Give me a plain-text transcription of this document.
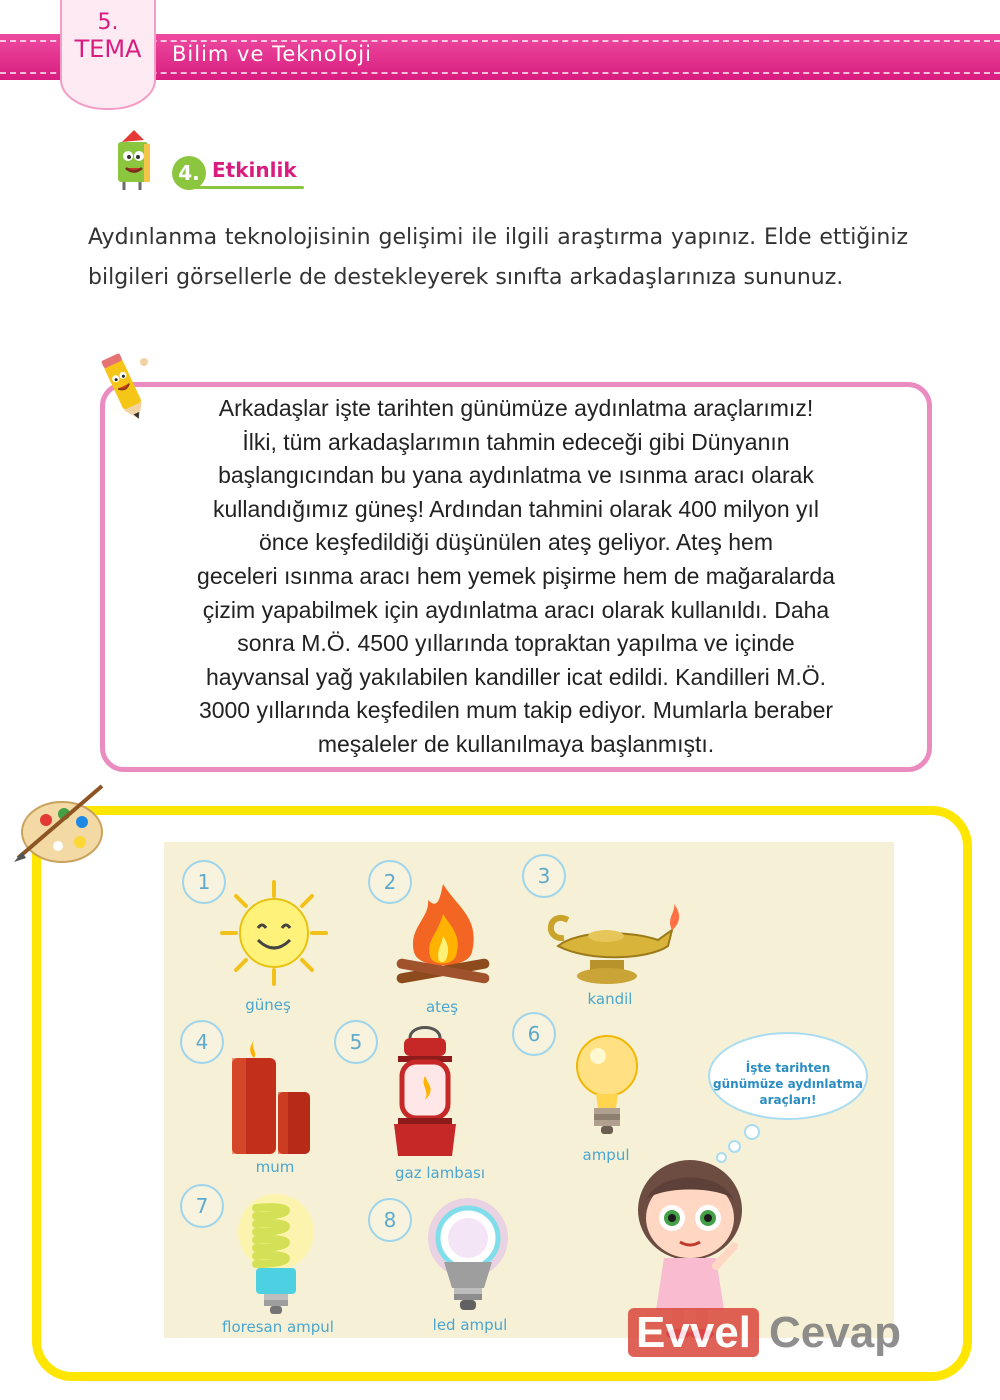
5.
TEMA	Bilim ve Teknoloji
4. Etkinlik
Aydınlanma teknolojisinin gelişimi ile ilgili araştırma yapınız. Elde ettiğiniz bilgileri görsellerle de destekleyerek sınıfta arkadaşlarınıza sununuz.
Arkadaşlar işte tarihten günümüze aydınlatma araçlarımız!
İlki, tüm arkadaşlarımın tahmin edeceği gibi Dünyanın
başlangıcından bu yana aydınlatma ve ısınma aracı olarak
kullandığımız güneş! Ardından tahmini olarak 400 milyon yıl
önce keşfedildiği düşünülen ateş geliyor. Ateş hem
geceleri ısınma aracı hem yemek pişirme hem de mağaralarda
çizim yapabilmek için aydınlatma aracı olarak kullanıldı. Daha
sonra M.Ö. 4500 yıllarında topraktan yapılma ve içinde
hayvansal yağ yakılabilen kandiller icat edildi. Kandilleri M.Ö.
3000 yıllarında keşfedilen mum takip ediyor. Mumlarla beraber
meşaleler de kullanılmaya başlanmıştı.
1
güneş
2
ateş
3
kandil
4
mum
5
gaz lambası
6
ampul
7
floresan ampul
8
led ampul
İşte tarihten günümüze aydınlatma araçları!
Evvel Cevap
